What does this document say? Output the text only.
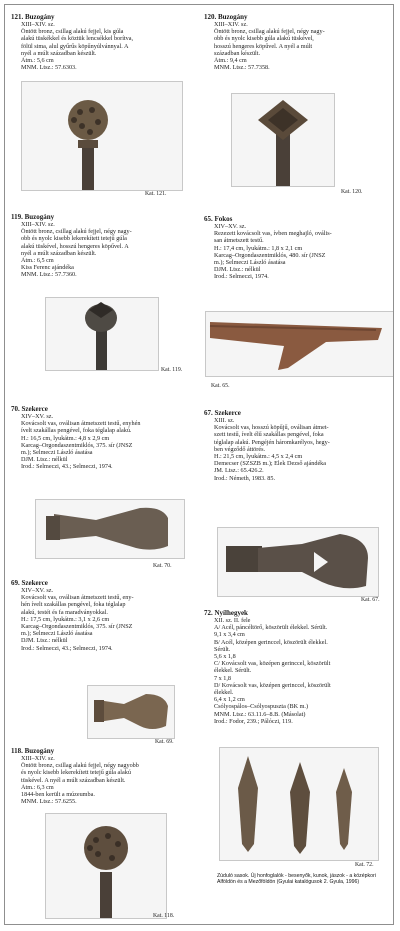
121. Buzogány
XIII–XIV. sz.
Öntött bronz, csillag alakú fejjel, kis gúla
alakú tüskékkel és köztük lencsékkel borítva,
fölül sima, alul gyűrűs köpűnyúlvánnyal. A
nyél a múlt században készült.
Átm.: 5,6 cm
MNM. Ltsz.: 57.6303.
Kat. 121.
119. Buzogány
XIII–XIV. sz.
Öntött bronz, csillag alakú fejjel, négy nagy-
obb és nyolc kisebb lekerekített tetejű gúla
alakú tüskével, hosszú hengeres köpűvel. A
nyél a múlt században készült.
Átm.: 6,5 cm
Kiss Ferenc ajándéka
MNM. Ltsz.: 57.7360.
Kat. 119.
70. Szekerce
XIV–XV. sz.
Kovácsolt vas, oválisan átmetszett testű, enyhén
ívelt szakállas pengével, foka téglalap alakú.
H.: 16,5 cm, lyukátm.: 4,8 x 2,9 cm
Karcag–Orgondaszentmiklós, 375. sír (JNSZ
m.); Selmeczi László ásatása
DJM. Ltsz.: nélkül
Irod.: Selmeczi, 43.; Selmeczi, 1974.
Kat. 70.
69. Szekerce
XIV–XV. sz.
Kovácsolt vas, oválisan átmetszett testű, eny-
hén ívelt szakállas pengével, foka téglalap
alakú, testéi és fa maradványokkal.
H.: 17,5 cm, lyukátm.: 3,1 x 2,6 cm
Karcag–Orgondaszentmiklós, 375. sír (JNSZ
m.); Selmeczi László ásatása
DJM. Ltsz.: nélkül
Irod.: Selmeczi, 43.; Selmeczi, 1974.
Kat. 69.
118. Buzogány
XIII–XIV. sz.
Öntött bronz, csillag alakú fejjel, négy nagyobb
és nyolc kisebb lekerekített tetejű gúla alakú
tüskével. A nyél a múlt században készült.
Átm.: 6,3 cm
1844-ben került a múzeumba.
MNM. Ltsz.: 57.6255.
Kat. 118.
120. Buzogány
XIII–XIV. sz.
Öntött bronz, csillag alakú fejjel, négy nagy-
obb és nyolc kisebb gúla alakú tüskével,
hosszú hengeres köpűvel. A nyél a múlt
században készült.
Átm.: 9,4 cm
MNM. Ltsz.: 57.7358.
Kat. 120.
65. Fokos
XIV–XV. sz.
Rezezett kovácsolt vas, ívben meghajló, ovális-
san átmetszett testű.
H.: 17,4 cm, lyukátm.: 1,8 x 2,1 cm
Karcag–Orgondaszentmiklós, 480. sír (JNSZ
m.); Selmeczi László ásatása
DJM. Ltsz.: nélkül
Irod.: Selmeczi, 1974.
Kat. 65.
67. Szekerce
XIII. sz.
Kovácsolt vas, hosszú köpűjű, oválisan átmet-
szett testű, ívelt élű szakállas pengével, foka
téglalap alakú. Pengéjén háromkarélyos, hegy-
ben végződő áttörés.
H.: 21,5 cm, lyukátm.: 4,5 x 2,4 cm
Demecser (SZSZB m.); Elek Dezső ajándéka
JM. Ltsz.: 65.426.2.
Irod.: Németh, 1983. 85.
Kat. 67.
72. Nyílhegyek
XII. sz. II. fele
A/ Acél, páncéltörő, köszörült élekkel. Sérült.
9,1 x 3,4 cm
B/ Acél, középen gerinccel, köszörült élekkel.
Sérült.
5,6 x 1,8
C/ Kovácsolt vas, középen gerinccel, köszörült
élekkel. Sérült.
7 x 1,8
D/ Kovácsolt vas, középen gerinccel, köszörült
élekkel.
6,4 x 1,2 cm
Csólyospálos–Csólyospuszta (BK m.)
MNM. Ltsz.: 63.11.6–8.B. (Másolat)
Irod.: Fodor, 239.; Pálóczi, 119.
Kat. 72.
Zúduló sasok. Új honfoglalók - besenyők, kunok, jászok - a középkori Alföldön és a Mezőföldön (Gyulai katalógusok 2. Gyula, 1996)
